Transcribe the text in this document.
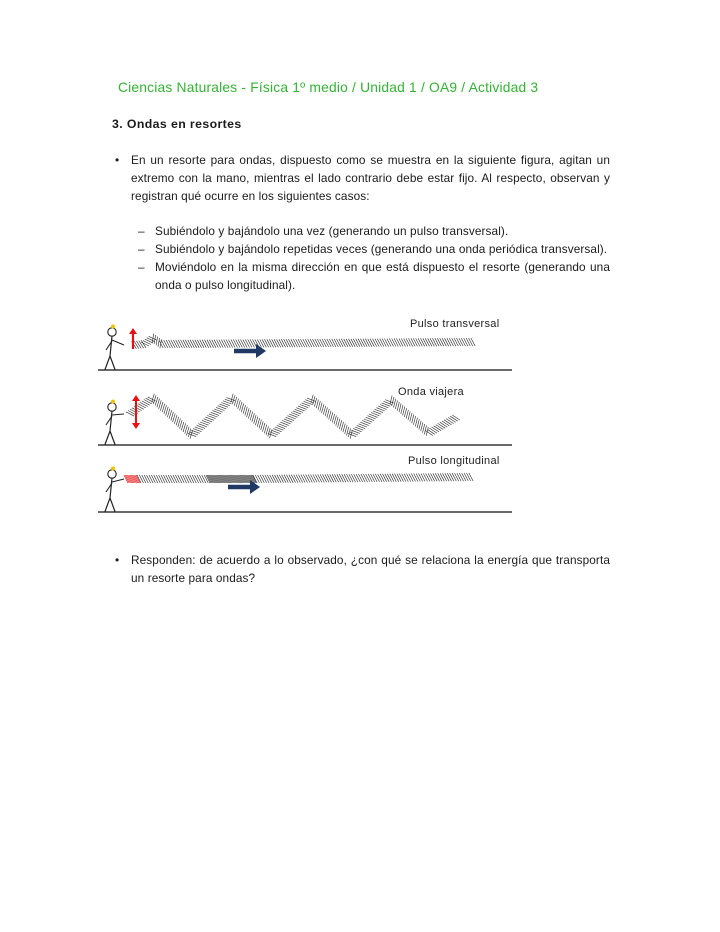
Ciencias Naturales - Física 1º medio / Unidad 1 / OA9 / Actividad 3
3. Ondas en resortes

• En un resorte para ondas, dispuesto como se muestra en la siguiente figura, agitan un extremo con la mano, mientras el lado contrario debe estar fijo. Al respecto, observan y registran qué ocurre en los siguientes casos:

– Subiéndolo y bajándolo una vez (generando un pulso transversal).
– Subiéndolo y bajándolo repetidas veces (generando una onda periódica transversal).
– Moviéndolo en la misma dirección en que está dispuesto el resorte (generando una onda o pulso longitudinal).
Pulso transversal
Onda viajera
Pulso longitudinal

• Responden: de acuerdo a lo observado, ¿con qué se relaciona la energía que transporta un resorte para ondas?
